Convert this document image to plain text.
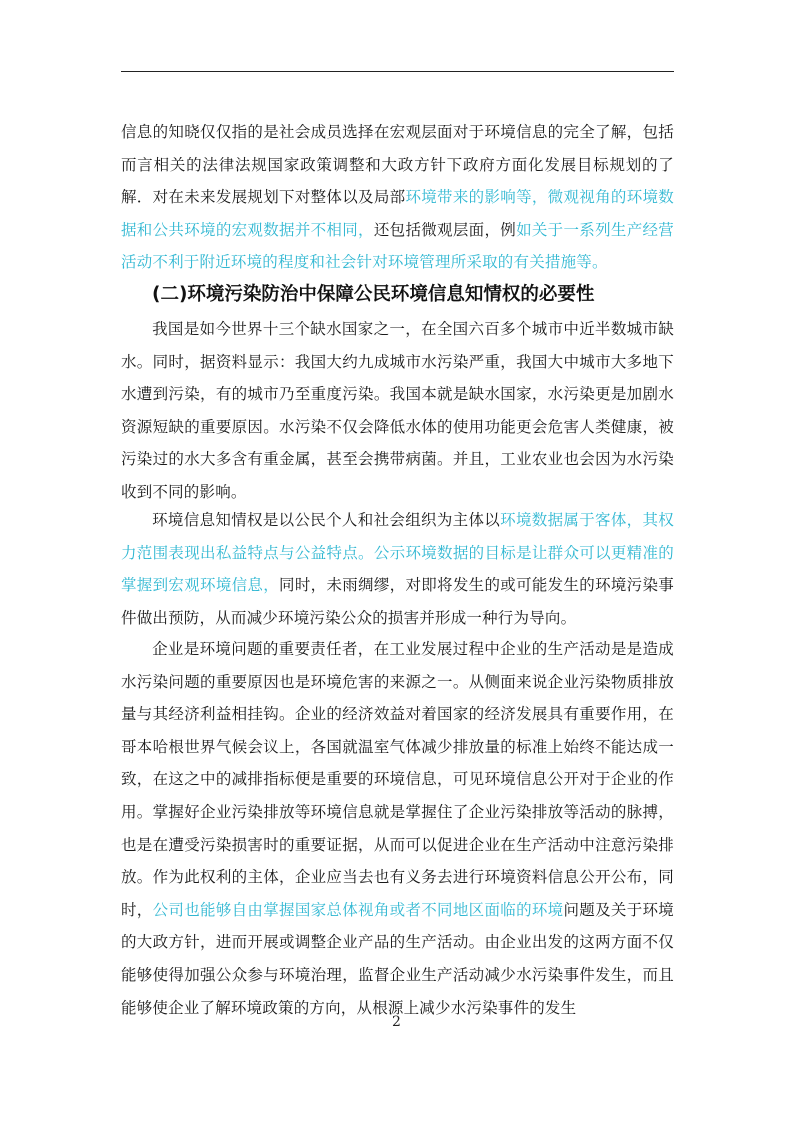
信息的知晓仅仅指的是社会成员选择在宏观层面对于环境信息的完全了解，包括而言相关的法律法规国家政策调整和大政方针下政府方面化发展目标规划的了解．对在未来发展规划下对整体以及局部环境带来的影响等，微观视角的环境数据和公共环境的宏观数据并不相同，还包括微观层面，例如关于一系列生产经营活动不利于附近环境的程度和社会针对环境管理所采取的有关措施等。

(二)环境污染防治中保障公民环境信息知情权的必要性

我国是如今世界十三个缺水国家之一，在全国六百多个城市中近半数城市缺水。同时，据资料显示：我国大约九成城市水污染严重，我国大中城市大多地下水遭到污染，有的城市乃至重度污染。我国本就是缺水国家，水污染更是加剧水资源短缺的重要原因。水污染不仅会降低水体的使用功能更会危害人类健康，被污染过的水大多含有重金属，甚至会携带病菌。并且，工业农业也会因为水污染收到不同的影响。

环境信息知情权是以公民个人和社会组织为主体以环境数据属于客体，其权力范围表现出私益特点与公益特点。公示环境数据的目标是让群众可以更精准的掌握到宏观环境信息，同时，未雨绸缪，对即将发生的或可能发生的环境污染事件做出预防，从而减少环境污染公众的损害并形成一种行为导向。

企业是环境问题的重要责任者，在工业发展过程中企业的生产活动是是造成水污染问题的重要原因也是环境危害的来源之一。从侧面来说企业污染物质排放量与其经济利益相挂钩。企业的经济效益对着国家的经济发展具有重要作用，在哥本哈根世界气候会议上，各国就温室气体减少排放量的标准上始终不能达成一致，在这之中的减排指标便是重要的环境信息，可见环境信息公开对于企业的作用。掌握好企业污染排放等环境信息就是掌握住了企业污染排放等活动的脉搏，也是在遭受污染损害时的重要证据，从而可以促进企业在生产活动中注意污染排放。作为此权利的主体，企业应当去也有义务去进行环境资料信息公开公布，同时，公司也能够自由掌握国家总体视角或者不同地区面临的环境问题及关于环境的大政方针，进而开展或调整企业产品的生产活动。由企业出发的这两方面不仅能够使得加强公众参与环境治理，监督企业生产活动减少水污染事件发生，而且能够使企业了解环境政策的方向，从根源上减少水污染事件的发生

2
